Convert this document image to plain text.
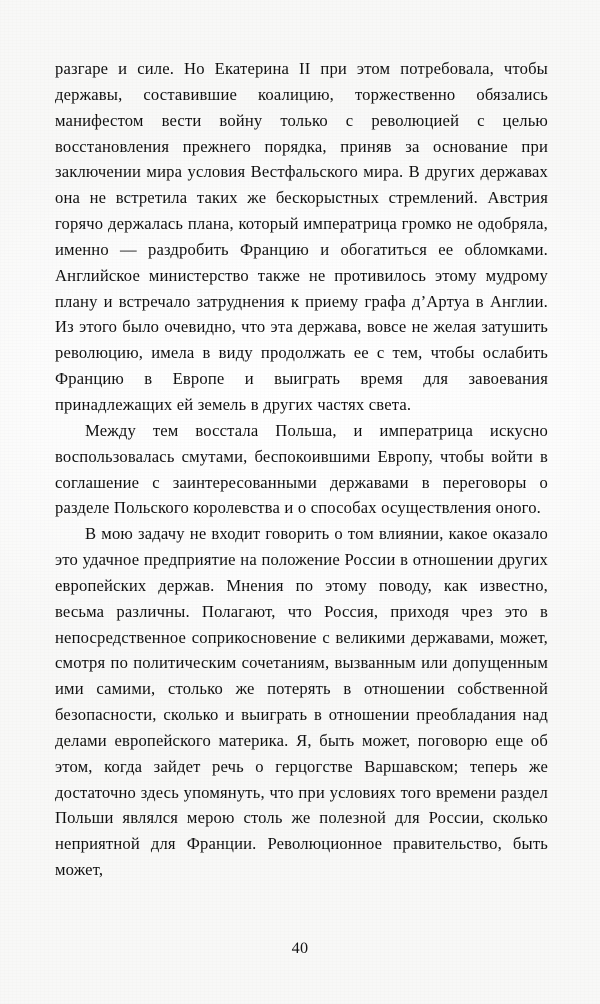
разгаре и силе. Но Екатерина II при этом потребовала, чтобы державы, составившие коалицию, торжественно обязались манифестом вести войну только с революцией с целью восстановления прежнего порядка, приняв за основание при заключении мира условия Вестфальского мира. В других державах она не встретила таких же бескорыстных стремлений. Австрия горячо держалась плана, который императрица громко не одобряла, именно — раздробить Францию и обогатиться ее обломками. Английское министерство также не противилось этому мудрому плану и встречало затруднения к приему графа д’Артуа в Англии. Из этого было очевидно, что эта держава, вовсе не желая затушить революцию, имела в виду продолжать ее с тем, чтобы ослабить Францию в Европе и выиграть время для завоевания принадлежащих ей земель в других частях света.

Между тем восстала Польша, и императрица искусно воспользовалась смутами, беспокоившими Европу, чтобы войти в соглашение с заинтересованными державами в переговоры о разделе Польского королевства и о способах осуществления оного.

В мою задачу не входит говорить о том влиянии, какое оказало это удачное предприятие на положение России в отношении других европейских держав. Мнения по этому поводу, как известно, весьма различны. Полагают, что Россия, приходя чрез это в непосредственное соприкосновение с великими державами, может, смотря по политическим сочетаниям, вызванным или допущенным ими самими, столько же потерять в отношении собственной безопасности, сколько и выиграть в отношении преобладания над делами европейского материка. Я, быть может, поговорю еще об этом, когда зайдет речь о герцогстве Варшавском; теперь же достаточно здесь упомянуть, что при условиях того времени раздел Польши являлся мерою столь же полезной для России, сколько неприятной для Франции. Революционное правительство, быть может,

40
